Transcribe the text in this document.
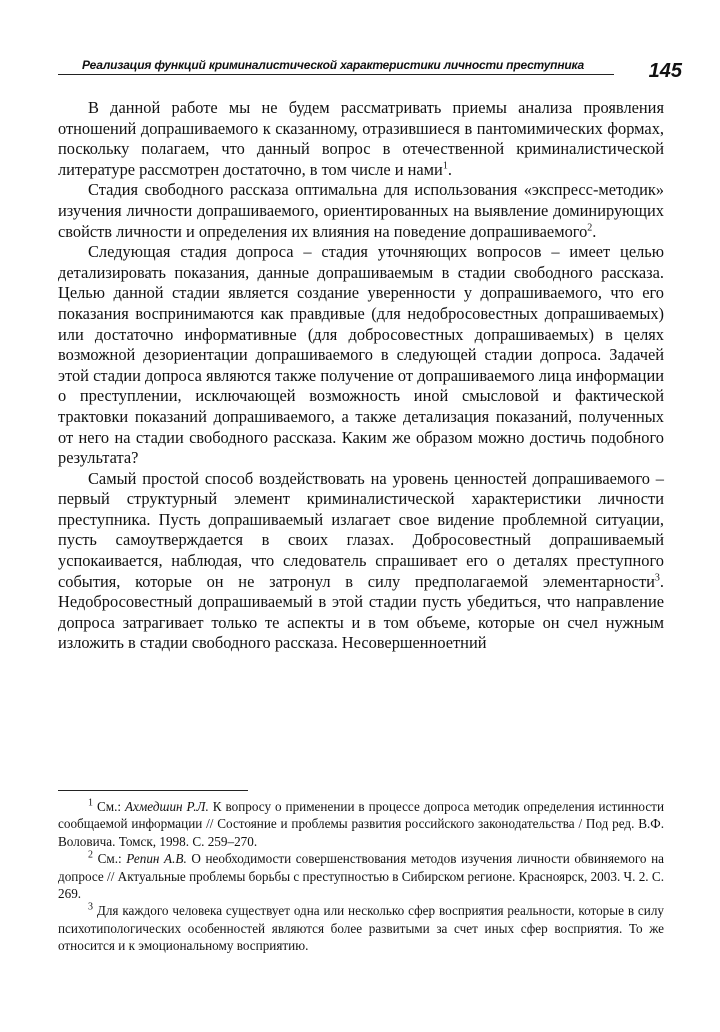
Реализация функций криминалистической характеристики личности преступника	145

В данной работе мы не будем рассматривать приемы анализа проявления отношений допрашиваемого к сказанному, отразившиеся в пантомимических формах, поскольку полагаем, что данный вопрос в отечественной криминалистической литературе рассмотрен достаточно, в том числе и нами$^1$.

Стадия свободного рассказа оптимальна для использования «экспресс-методик» изучения личности допрашиваемого, ориентированных на выявление доминирующих свойств личности и определения их влияния на поведение допрашиваемого$^2$.

Следующая стадия допроса – стадия уточняющих вопросов – имеет целью детализировать показания, данные допрашиваемым в стадии свободного рассказа. Целью данной стадии является создание уверенности у допрашиваемого, что его показания воспринимаются как правдивые (для недобросовестных допрашиваемых) или достаточно информативные (для добросовестных допрашиваемых) в целях возможной дезориентации допрашиваемого в следующей стадии допроса. Задачей этой стадии допроса являются также получение от допрашиваемого лица информации о преступлении, исключающей возможность иной смысловой и фактической трактовки показаний допрашиваемого, а также детализация показаний, полученных от него на стадии свободного рассказа. Каким же образом можно достичь подобного результата?

Самый простой способ воздействовать на уровень ценностей допрашиваемого – первый структурный элемент криминалистической характеристики личности преступника. Пусть допрашиваемый излагает свое видение проблемной ситуации, пусть самоутверждается в своих глазах. Добросовестный допрашиваемый успокаивается, наблюдая, что следователь спрашивает его о деталях преступного события, которые он не затронул в силу предполагаемой элементарности$^3$. Недобросовестный допрашиваемый в этой стадии пусть убедиться, что направление допроса затрагивает только те аспекты и в том объеме, которые он счел нужным изложить в стадии свободного рассказа. Несовершенноетний

$^1$ См.: Ахмедшин Р.Л. К вопросу о применении в процессе допроса методик определения истинности сообщаемой информации // Состояние и проблемы развития российского законодательства / Под ред. В.Ф. Воловича. Томск, 1998. С. 259–270.

$^2$ См.: Репин А.В. О необходимости совершенствования методов изучения личности обвиняемого на допросе // Актуальные проблемы борьбы с преступностью в Сибирском регионе. Красноярск, 2003. Ч. 2. С. 269.

$^3$ Для каждого человека существует одна или несколько сфер восприятия реальности, которые в силу психотипологических особенностей являются более развитыми за счет иных сфер восприятия. То же относится и к эмоциональному восприятию.
